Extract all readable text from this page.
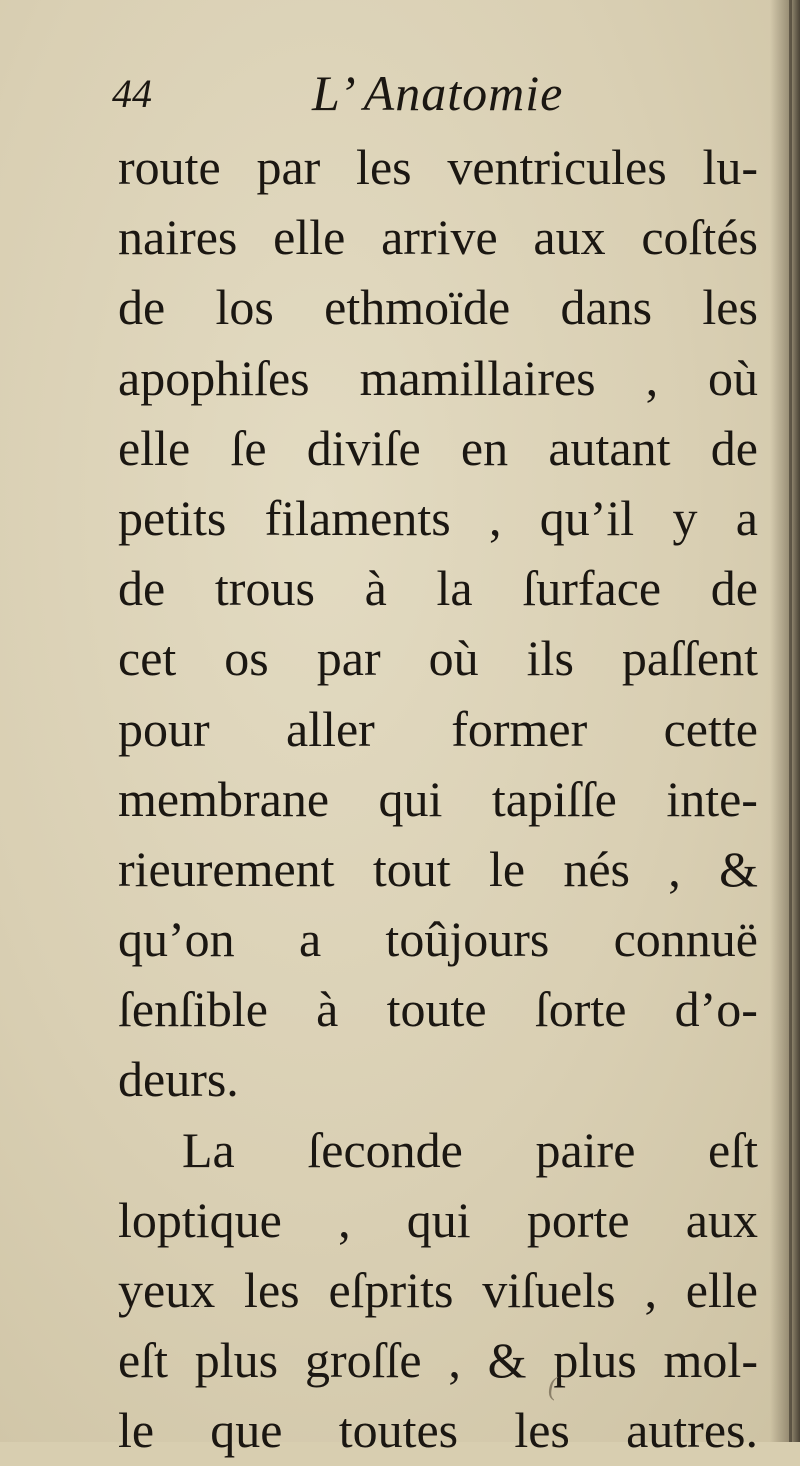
44	L’ Anatomie
route par les ventricules lu-
naires elle arrive aux coſtés
de los ethmoïde dans les
apophiſes mamillaires , où
elle ſe diviſe en autant de
petits filaments , qu’il y a
de trous à la ſurface de
cet os par où ils paſſent
pour aller former cette
membrane qui tapiſſe inte-
rieurement tout le nés , &
qu’on a toûjours connuë
ſenſible à toute ſorte d’o-
deurs.
La ſeconde paire eſt
loptique , qui porte aux
yeux les eſprits viſuels , elle
eſt plus groſſe , & plus mol-
le que toutes les autres.
(
